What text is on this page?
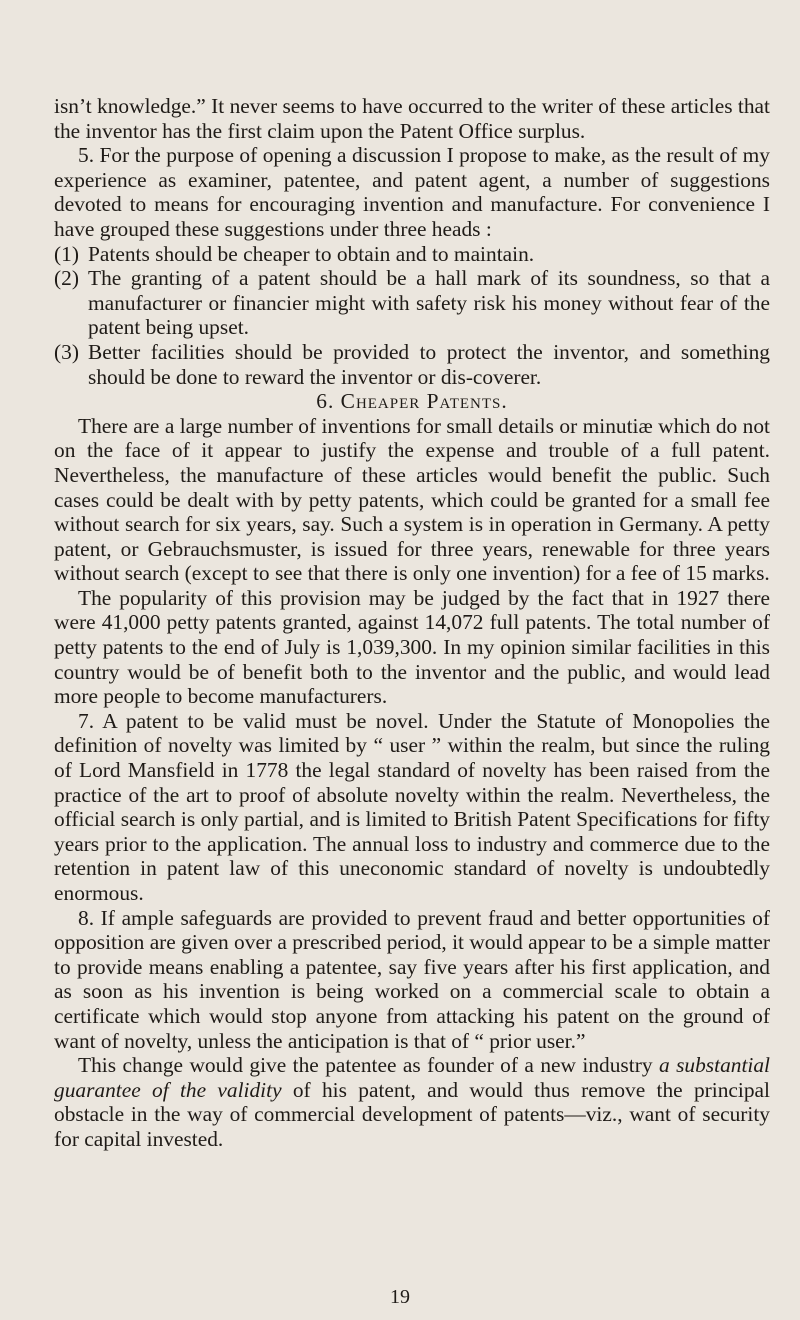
isn’t knowledge.” It never seems to have occurred to the writer of these articles that the inventor has the first claim upon the Patent Office surplus.

5. For the purpose of opening a discussion I propose to make, as the result of my experience as examiner, patentee, and patent agent, a number of suggestions devoted to means for encouraging invention and manufacture. For convenience I have grouped these suggestions under three heads :

(1) Patents should be cheaper to obtain and to maintain.
(2) The granting of a patent should be a hall mark of its soundness, so that a manufacturer or financier might with safety risk his money without fear of the patent being upset.
(3) Better facilities should be provided to protect the inventor, and something should be done to reward the inventor or dis-coverer.

6. Cheaper Patents.

There are a large number of inventions for small details or minutiæ which do not on the face of it appear to justify the expense and trouble of a full patent. Nevertheless, the manufacture of these articles would benefit the public. Such cases could be dealt with by petty patents, which could be granted for a small fee without search for six years, say. Such a system is in operation in Germany. A petty patent, or Gebrauchsmuster, is issued for three years, renewable for three years without search (except to see that there is only one invention) for a fee of 15 marks.

The popularity of this provision may be judged by the fact that in 1927 there were 41,000 petty patents granted, against 14,072 full patents. The total number of petty patents to the end of July is 1,039,300. In my opinion similar facilities in this country would be of benefit both to the inventor and the public, and would lead more people to become manufacturers.

7. A patent to be valid must be novel. Under the Statute of Monopolies the definition of novelty was limited by “ user ” within the realm, but since the ruling of Lord Mansfield in 1778 the legal standard of novelty has been raised from the practice of the art to proof of absolute novelty within the realm. Nevertheless, the official search is only partial, and is limited to British Patent Specifications for fifty years prior to the application. The annual loss to industry and commerce due to the retention in patent law of this uneconomic standard of novelty is undoubtedly enormous.

8. If ample safeguards are provided to prevent fraud and better opportunities of opposition are given over a prescribed period, it would appear to be a simple matter to provide means enabling a patentee, say five years after his first application, and as soon as his invention is being worked on a commercial scale to obtain a certificate which would stop anyone from attacking his patent on the ground of want of novelty, unless the anticipation is that of “ prior user.”

This change would give the patentee as founder of a new industry a substantial guarantee of the validity of his patent, and would thus remove the principal obstacle in the way of commercial development of patents—viz., want of security for capital invested.

19
